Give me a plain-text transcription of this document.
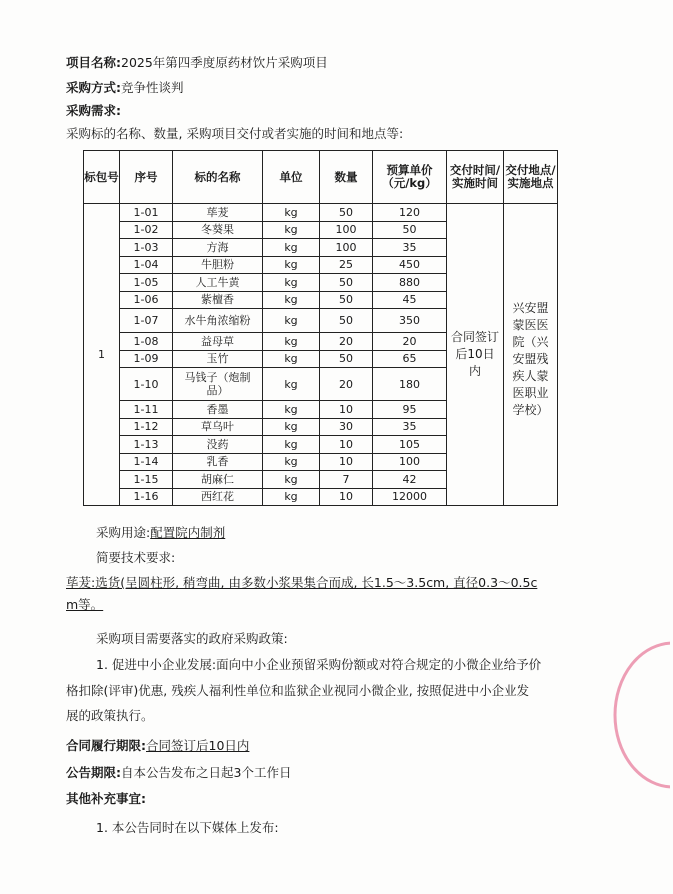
项目名称:2025年第四季度原药材饮片采购项目
采购方式:竞争性谈判
采购需求:
采购标的名称、数量, 采购项目交付或者实施的时间和地点等:
标包号	序号	标的名称	单位	数量	预算单价（元/kg）	交付时间/实施时间	交付地点/实施地点
1	1-01	荜茇	kg	50	120	合同签订后10日内	兴安盟蒙医医院（兴安盟残疾人蒙医职业学校）
	1-02	冬葵果	kg	100	50		
	1-03	方海	kg	100	35		
	1-04	牛胆粉	kg	25	450		
	1-05	人工牛黄	kg	50	880		
	1-06	紫檀香	kg	50	45		
	1-07	水牛角浓缩粉	kg	50	350		
	1-08	益母草	kg	20	20		
	1-09	玉竹	kg	50	65		
	1-10	马钱子（炮制品）	kg	20	180		
	1-11	香墨	kg	10	95		
	1-12	草乌叶	kg	30	35		
	1-13	没药	kg	10	105		
	1-14	乳香	kg	10	100		
	1-15	胡麻仁	kg	7	42		
	1-16	西红花	kg	10	12000		
采购用途:配置院内制剂
简要技术要求:
荜茇:选货(呈圆柱形, 稍弯曲, 由多数小浆果集合而成, 长1.5～3.5cm, 直径0.3～0.5c
m等。
采购项目需要落实的政府采购政策:
1. 促进中小企业发展:面向中小企业预留采购份额或对符合规定的小微企业给予价
格扣除(评审)优惠, 残疾人福利性单位和监狱企业视同小微企业, 按照促进中小企业发
展的政策执行。
合同履行期限:合同签订后10日内
公告期限:自本公告发布之日起3个工作日
其他补充事宜:
1. 本公告同时在以下媒体上发布:
